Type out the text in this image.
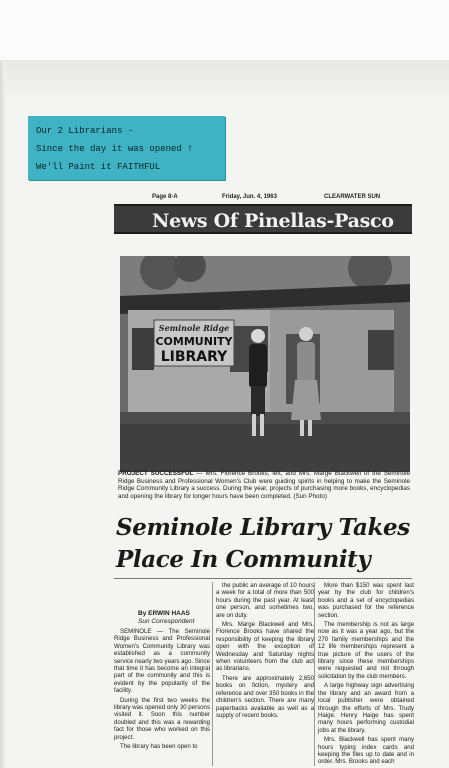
Our 2 Librarians -
Since the day it was opened !
We'll Paint it FAITHFUL
Page 8-A	Friday, Jun. 4, 1963	CLEARWATER SUN
News Of Pinellas-Pasco
Seminole Ridge
COMMUNITY
LIBRARY
PROJECT SUCCESSFUL — Mrs. Florence Brooks, left, and Mrs. Marge Blackwell of the Seminole Ridge Business and Professional Women's Club were guiding spirits in helping to make the Seminole Ridge Community Library a success. During the year, projects of purchasing more books, encyclopedias and opening the library for longer hours have been completed. (Sun Photo)
Seminole Library Takes
Place In Community
By ERWIN HAAS
Sun Correspondent

SEMINOLE — The Seminole Ridge Business and Professional Women's Community Library was established as a community service nearly two years ago. Since that time it has become an integral part of the community and this is evident by the popularity of the facility.

During the first two weeks the library was opened only 30 persons visited it. Soon this number doubled and this was a rewarding fact for those who worked on this project.

The library has been open to

the public an average of 10 hours a week for a total of more than 500 hours during the past year. At least one person, and sometimes two, are on duty.

Mrs. Marge Blackwell and Mrs. Florence Brooks have shared the responsibility of keeping the library open with the exception of Wednesday and Saturday nights when volunteers from the club act as librarians.

There are approximately 2,650 books on fiction, mystery and reference and over 350 books in the children's section. There are many paperbacks available as well as a supply of recent books.

More than $150 was spent last year by the club for children's books and a set of encyclopedias was purchased for the reference section.

The membership is not as large now as it was a year ago, but the 270 family memberships and the 12 life memberships represent a true picture of the users of the library since these memberships were requested and not through solicitation by the club members.

A large highway sign advertising the library and an award from a local publisher were obtained through the efforts of Mrs. Trudy Haige. Henry Haige has spent many hours performing custodial jobs at the library.

Mrs. Blackwell has spent many hours typing index cards and keeping the files up to date and in order. Mrs. Brooks and each
